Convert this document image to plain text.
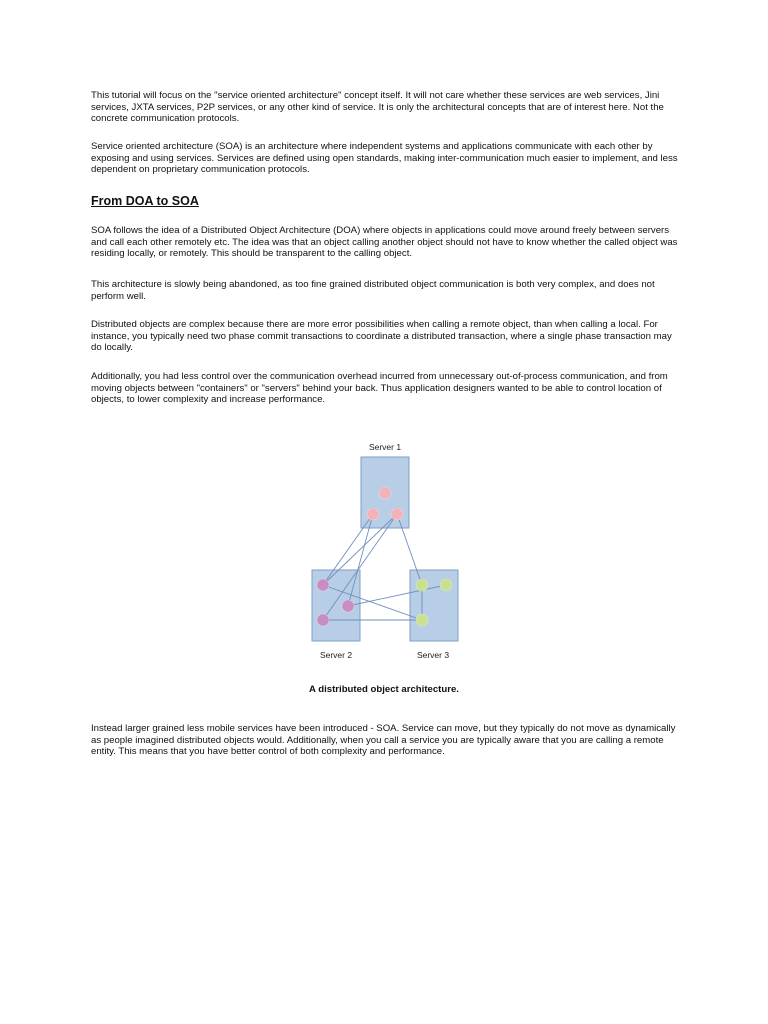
This tutorial will focus on the "service oriented architecture" concept itself. It will not care whether these services are web services, Jini services, JXTA services, P2P services, or any other kind of service. It is only the architectural concepts that are of interest here. Not the concrete communication protocols.

Service oriented architecture (SOA) is an architecture where independent systems and applications communicate with each other by exposing and using services. Services are defined using open standards, making inter-communication much easier to implement, and less dependent on proprietary communication protocols.

From DOA to SOA

SOA follows the idea of a Distributed Object Architecture (DOA) where objects in applications could move around freely between servers and call each other remotely etc. The idea was that an object calling another object should not have to know whether the called object was residing locally, or remotely. This should be transparent to the calling object.

This architecture is slowly being abandoned, as too fine grained distributed object communication is both very complex, and does not perform well.

Distributed objects are complex because there are more error possibilities when calling a remote object, than when calling a local. For instance, you typically need two phase commit transactions to coordinate a distributed transaction, where a single phase transaction may do locally.

Additionally, you had less control over the communication overhead incurred from unnecessary out-of-process communication, and from moving objects between "containers" or "servers" behind your back. Thus application designers wanted to be able to control location of objects, to lower complexity and increase performance.

Server 1
Server 2	Server 3

A distributed object architecture.

Instead larger grained less mobile services have been introduced - SOA. Service can move, but they typically do not move as dynamically as people imagined distributed objects would. Additionally, when you call a service you are typically aware that you are calling a remote entity. This means that you have better control of both complexity and performance.
